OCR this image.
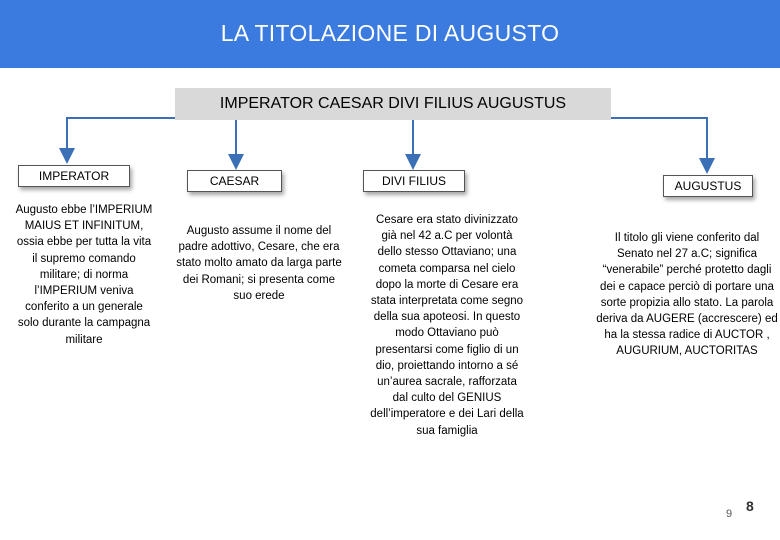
LA TITOLAZIONE DI AUGUSTO
IMPERATOR CAESAR DIVI FILIUS AUGUSTUS
IMPERATOR	CAESAR	DIVI FILIUS	AUGUSTUS
Augusto ebbe l’IMPERIUM MAIUS ET INFINITUM, ossia ebbe per tutta la vita il supremo comando militare; di norma l’IMPERIUM veniva conferito a un generale solo durante la campagna militare
Augusto assume il nome del padre adottivo, Cesare, che era stato molto amato da larga parte dei Romani; si presenta come suo erede
Cesare era stato divinizzato già nel 42 a.C per volontà dello stesso Ottaviano; una cometa comparsa nel cielo dopo la morte di Cesare era stata interpretata come segno della sua apoteosi. In questo modo Ottaviano può presentarsi come figlio di un dio, proiettando intorno a sé un’aurea sacrale, rafforzata dal culto del GENIUS dell’imperatore e dei Lari della sua famiglia
Il titolo gli viene conferito dal Senato nel 27 a.C; significa “venerabile” perché protetto dagli dei e capace perciò di portare una sorte propizia allo stato. La parola deriva da AUGERE (accrescere) ed ha la stessa radice di AUCTOR , AUGURIUM, AUCTORITAS
9 8
